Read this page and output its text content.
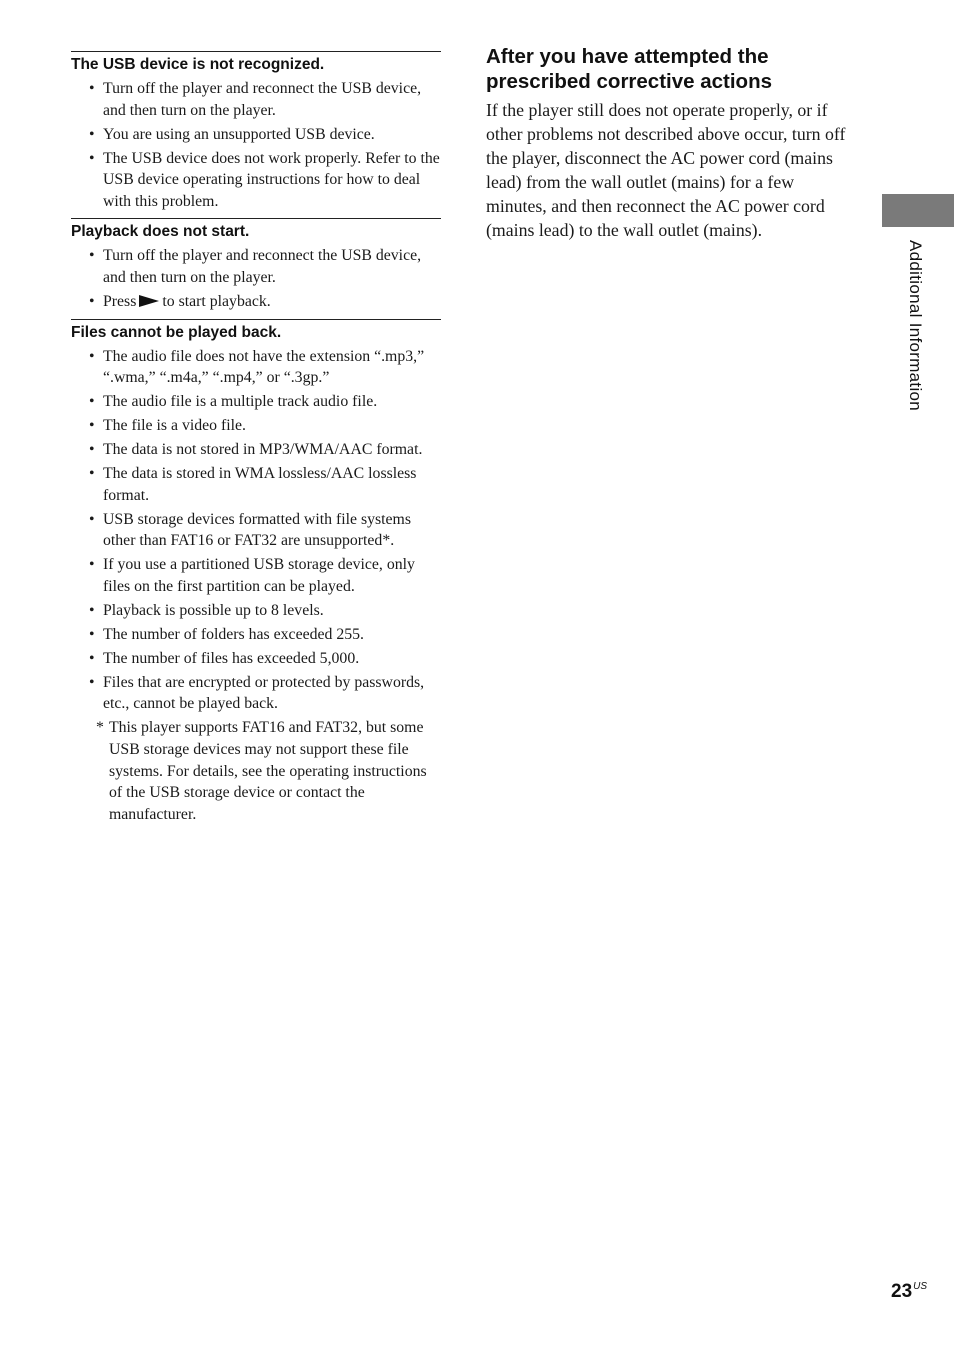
The USB device is not recognized.
• Turn off the player and reconnect the USB device, and then turn on the player.
• You are using an unsupported USB device.
• The USB device does not work properly. Refer to the USB device operating instructions for how to deal with this problem.
Playback does not start.
• Turn off the player and reconnect the USB device, and then turn on the player.
• Press to start playback.
Files cannot be played back.
• The audio file does not have the extension “.mp3,” “.wma,” “.m4a,” “.mp4,” or “.3gp.”
• The audio file is a multiple track audio file.
• The file is a video file.
• The data is not stored in MP3/WMA/AAC format.
• The data is stored in WMA lossless/AAC lossless format.
• USB storage devices formatted with file systems other than FAT16 or FAT32 are unsupported*.
• If you use a partitioned USB storage device, only files on the first partition can be played.
• Playback is possible up to 8 levels.
• The number of folders has exceeded 255.
• The number of files has exceeded 5,000.
• Files that are encrypted or protected by passwords, etc., cannot be played back.
* This player supports FAT16 and FAT32, but some USB storage devices may not support these file systems. For details, see the operating instructions of the USB storage device or contact the manufacturer.
After you have attempted the prescribed corrective actions

If the player still does not operate properly, or if other problems not described above occur, turn off the player, disconnect the AC power cord (mains lead) from the wall outlet (mains) for a few minutes, and then reconnect the AC power cord (mains lead) to the wall outlet (mains).

Additional Information
$23^{US}$
